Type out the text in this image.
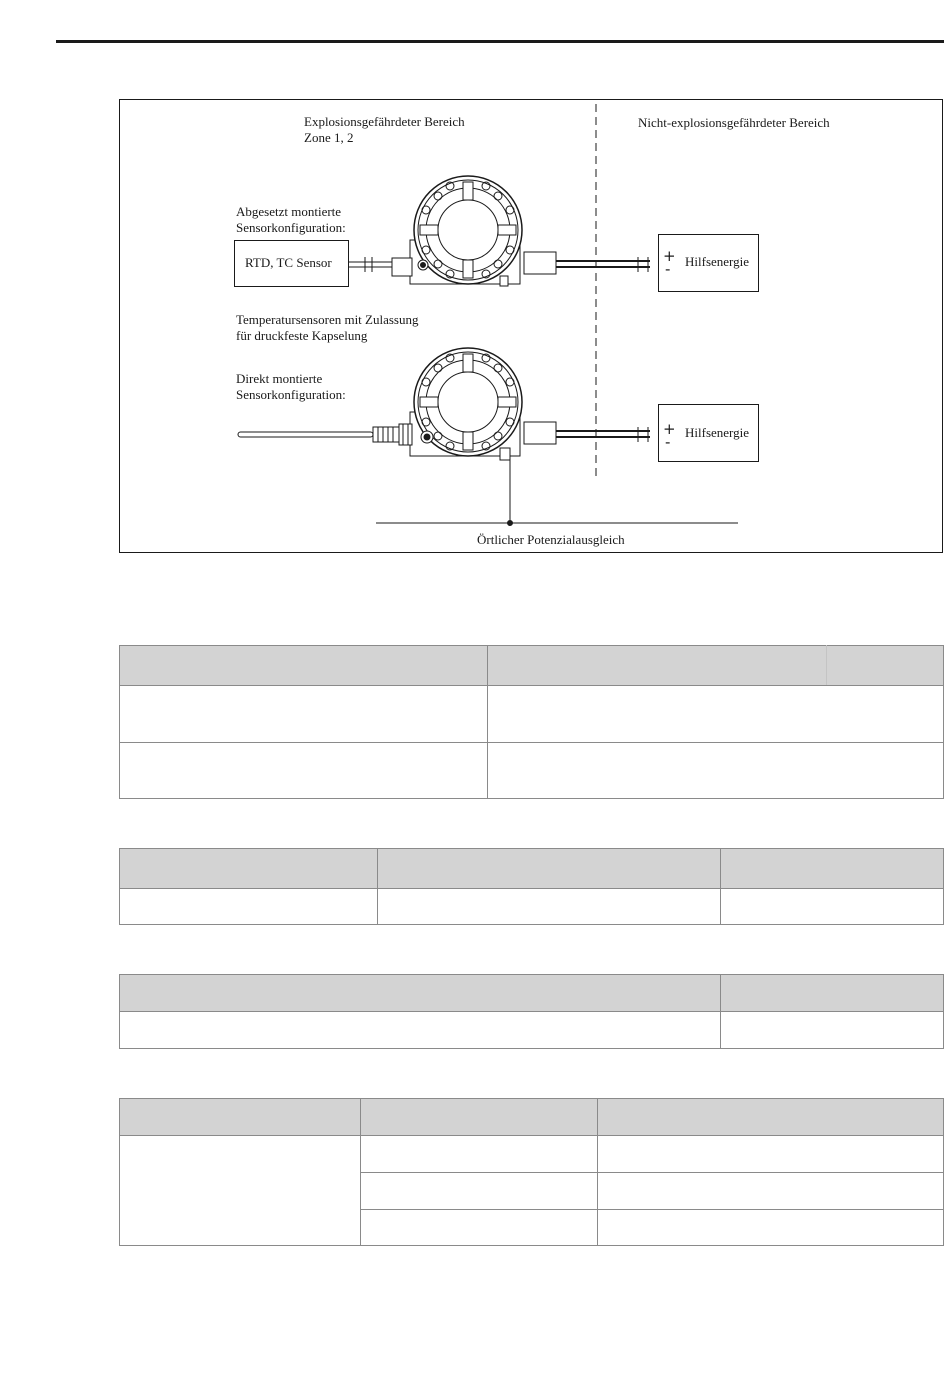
Explosionsgefährdeter Bereich
Zone 1, 2
Nicht-explosionsgefährdeter Bereich
Abgesetzt montierte
Sensorkonfiguration:
RTD, TC Sensor
Temperatursensoren mit Zulassung
für druckfeste Kapselung
Direkt montierte
Sensorkonfiguration:
+
- Hilfsenergie
+
-
Hilfsenergie
Örtlicher Potenzialausgleich
